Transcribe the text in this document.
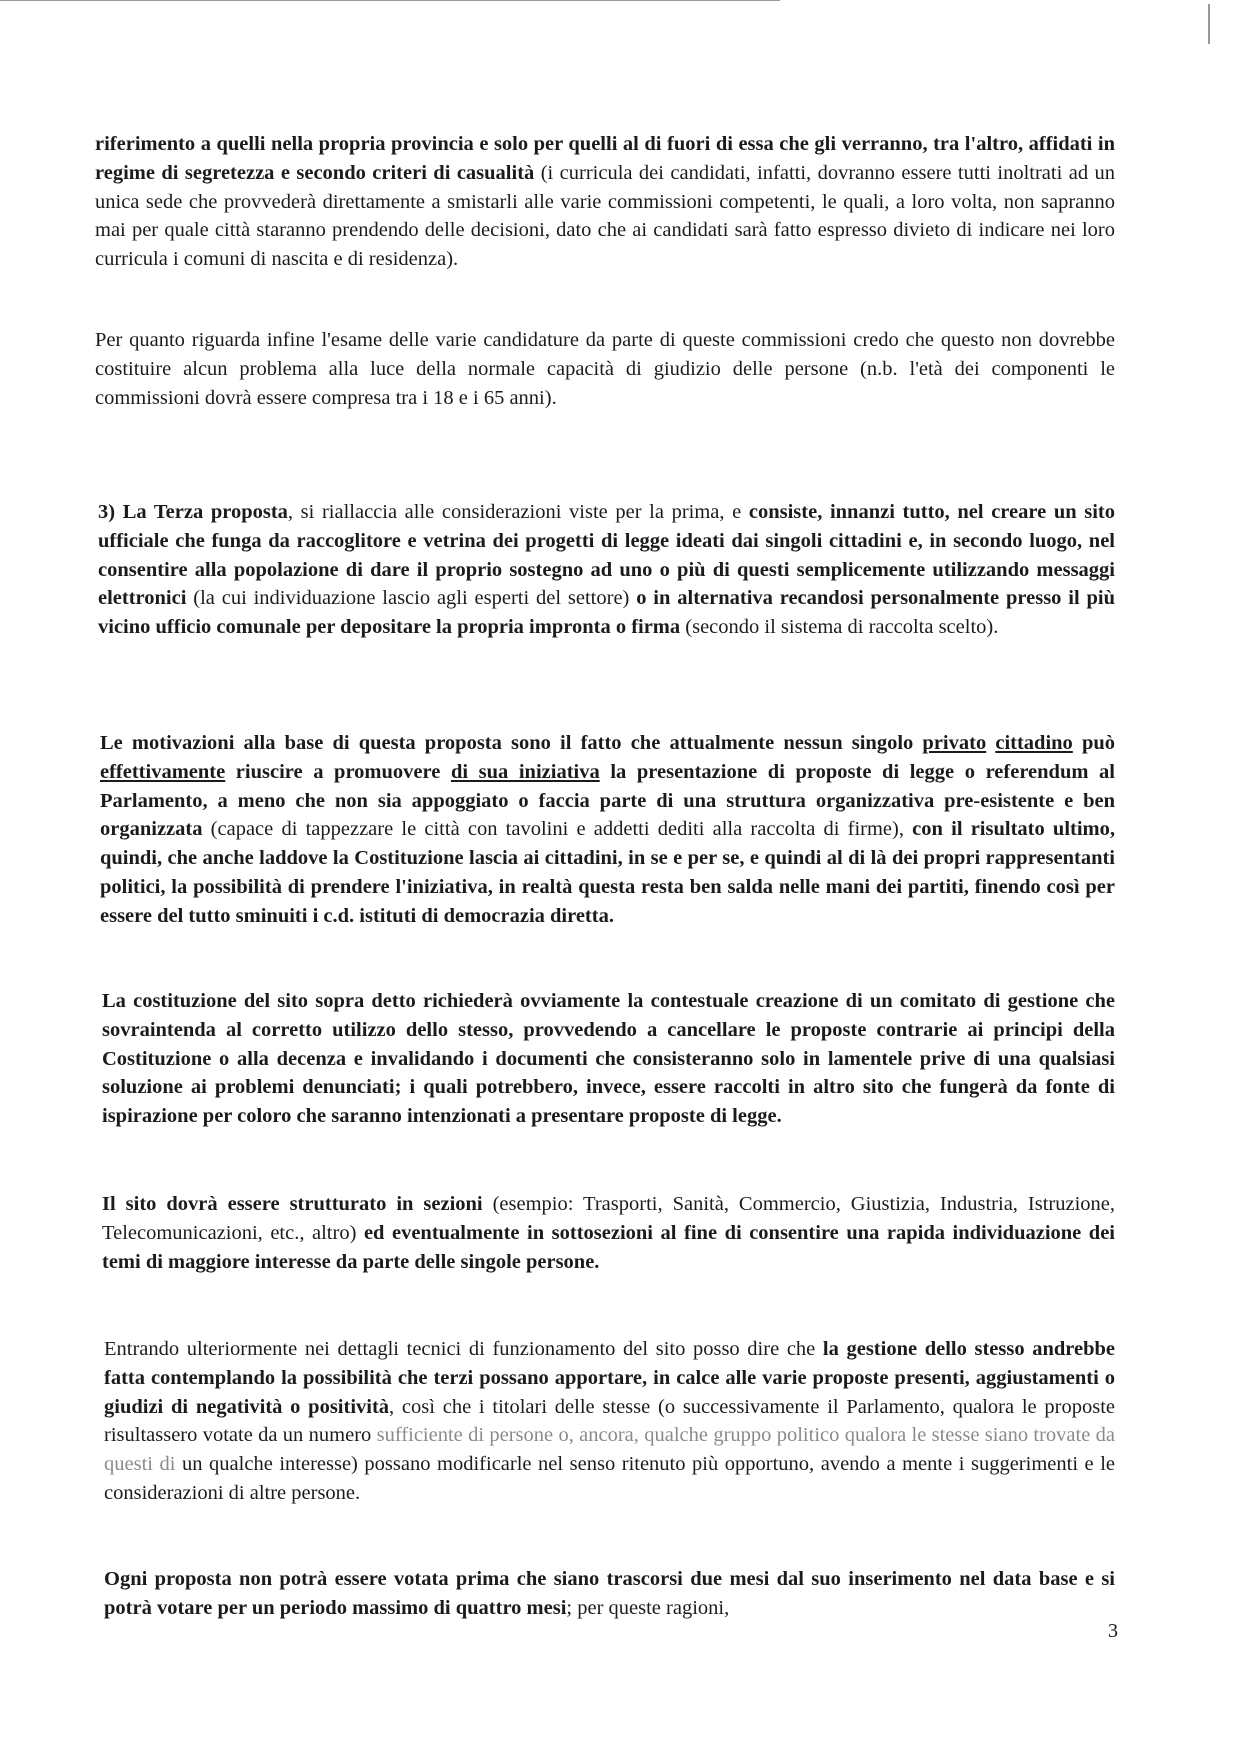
riferimento a quelli nella propria provincia e solo per quelli al di fuori di essa che gli verranno, tra l'altro, affidati in regime di segretezza e secondo criteri di casualità (i curricula dei candidati, infatti, dovranno essere tutti inoltrati ad un unica sede che provvederà direttamente a smistarli alle varie commissioni competenti, le quali, a loro volta, non sapranno mai per quale città staranno prendendo delle decisioni, dato che ai candidati sarà fatto espresso divieto di indicare nei loro curricula i comuni di nascita e di residenza).

Per quanto riguarda infine l'esame delle varie candidature da parte di queste commissioni credo che questo non dovrebbe costituire alcun problema alla luce della normale capacità di giudizio delle persone (n.b. l'età dei componenti le commissioni dovrà essere compresa tra i 18 e i 65 anni).

3) La Terza proposta, si riallaccia alle considerazioni viste per la prima, e consiste, innanzi tutto, nel creare un sito ufficiale che funga da raccoglitore e vetrina dei progetti di legge ideati dai singoli cittadini e, in secondo luogo, nel consentire alla popolazione di dare il proprio sostegno ad uno o più di questi semplicemente utilizzando messaggi elettronici (la cui individuazione lascio agli esperti del settore) o in alternativa recandosi personalmente presso il più vicino ufficio comunale per depositare la propria impronta o firma (secondo il sistema di raccolta scelto).

Le motivazioni alla base di questa proposta sono il fatto che attualmente nessun singolo privato cittadino può effettivamente riuscire a promuovere di sua iniziativa la presentazione di proposte di legge o referendum al Parlamento, a meno che non sia appoggiato o faccia parte di una struttura organizzativa pre-esistente e ben organizzata (capace di tappezzare le città con tavolini e addetti dediti alla raccolta di firme), con il risultato ultimo, quindi, che anche laddove la Costituzione lascia ai cittadini, in se e per se, e quindi al di là dei propri rappresentanti politici, la possibilità di prendere l'iniziativa, in realtà questa resta ben salda nelle mani dei partiti, finendo così per essere del tutto sminuiti i c.d. istituti di democrazia diretta.

La costituzione del sito sopra detto richiederà ovviamente la contestuale creazione di un comitato di gestione che sovraintenda al corretto utilizzo dello stesso, provvedendo a cancellare le proposte contrarie ai principi della Costituzione o alla decenza e invalidando i documenti che consisteranno solo in lamentele prive di una qualsiasi soluzione ai problemi denunciati; i quali potrebbero, invece, essere raccolti in altro sito che fungerà da fonte di ispirazione per coloro che saranno intenzionati a presentare proposte di legge.

Il sito dovrà essere strutturato in sezioni (esempio: Trasporti, Sanità, Commercio, Giustizia, Industria, Istruzione, Telecomunicazioni, etc., altro) ed eventualmente in sottosezioni al fine di consentire una rapida individuazione dei temi di maggiore interesse da parte delle singole persone.

Entrando ulteriormente nei dettagli tecnici di funzionamento del sito posso dire che la gestione dello stesso andrebbe fatta contemplando la possibilità che terzi possano apportare, in calce alle varie proposte presenti, aggiustamenti o giudizi di negatività o positività, così che i titolari delle stesse (o successivamente il Parlamento, qualora le proposte risultassero votate da un numero sufficiente di persone o, ancora, qualche gruppo politico qualora le stesse siano trovate da questi di un qualche interesse) possano modificarle nel senso ritenuto più opportuno, avendo a mente i suggerimenti e le considerazioni di altre persone.

Ogni proposta non potrà essere votata prima che siano trascorsi due mesi dal suo inserimento nel data base e si potrà votare per un periodo massimo di quattro mesi; per queste ragioni,

3
